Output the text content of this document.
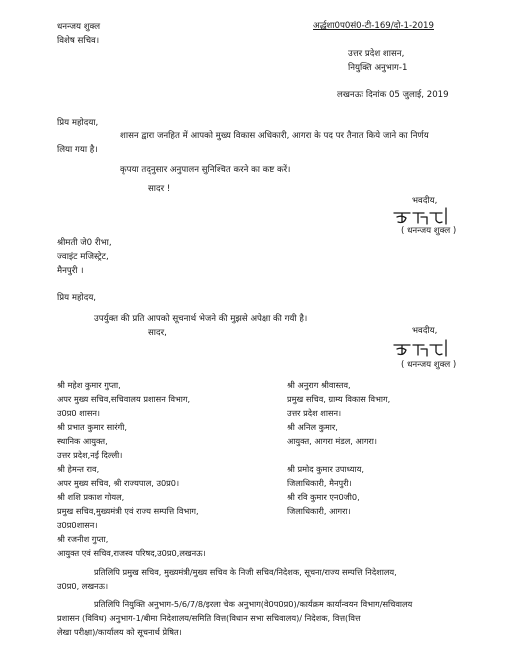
धनन्जय शुक्ल
विशेष सचिव।
अर्द्धशा0प0सं0-टी-169/दो-1-2019
उत्तर प्रदेश शासन,
नियुक्ति अनुभाग-1
लखनऊः दिनांक 05 जुलाई, 2019
प्रिय महोदया,
शासन द्वारा जनहित में आपको मुख्य विकास अधिकारी, आगरा के पद पर तैनात किये जाने का निर्णय
लिया गया है।
कृपया तद्नुसार अनुपालन सुनिश्चित करने का कष्ट करें।
सादर !
भवदीय,
( धनन्जय शुक्ल )
श्रीमती जे0 रीभा,
ज्वाइंट मजिस्ट्रेट,
मैनपुरी ।
प्रिय महोदय,
उपर्युक्त की प्रति आपको सूचनार्थ भेजने की मुझसे अपेक्षा की गयी है।
सादर,	भवदीय,
( धनन्जय शुक्ल )
श्री महेश कुमार गुप्ता,
अपर मुख्य सचिव,सचिवालय प्रशासन विभाग,
उ0प्र0 शासन।
श्री प्रभात कुमार सारंगी,
स्थानिक आयुक्त,
उत्तर प्रदेश,नई दिल्ली।
श्री हेमन्त राव,
अपर मुख्य सचिव, श्री राज्यपाल, उ0प्र0।
श्री शशि प्रकाश गोयल,
प्रमुख सचिव,मुख्यमंत्री एवं राज्य सम्पत्ति विभाग,
उ0प्र0शासन।
श्री रजनीश गुप्ता,
आयुक्त एवं सचिव,राजस्व परिषद,उ0प्र0,लखनऊ।
श्री अनुराग श्रीवास्तव,
प्रमुख सचिव, ग्राम्य विकास विभाग,
उत्तर प्रदेश शासन।
श्री अनिल कुमार,
आयुक्त, आगरा मंडल, आगरा।
श्री प्रमोद कुमार उपाध्याय,
जिलाधिकारी, मैनपुरी।
श्री रवि कुमार एन0जी0,
जिलाधिकारी, आगरा।
प्रतिलिपि प्रमुख सचिव, मुख्यमंत्री/मुख्य सचिव के निजी सचिव/निदेशक, सूचना/राज्य सम्पत्ति निदेशालय,
उ0प्र0, लखनऊ।
प्रतिलिपि नियुक्ति अनुभाग-5/6/7/8/इरला चेक अनुभाग(वे0प0प्र0)/कार्यक्रम कार्यान्वयन विभाग/सचिवालय
प्रशासन (विविध) अनुभाग-1/बीमा निदेशालय/समिति वित्त(विधान सभा सचिवालय)/ निदेशक, वित्त(वित्त
लेखा परीक्षा)/कार्यालय को सूचनार्थ प्रेषित।
